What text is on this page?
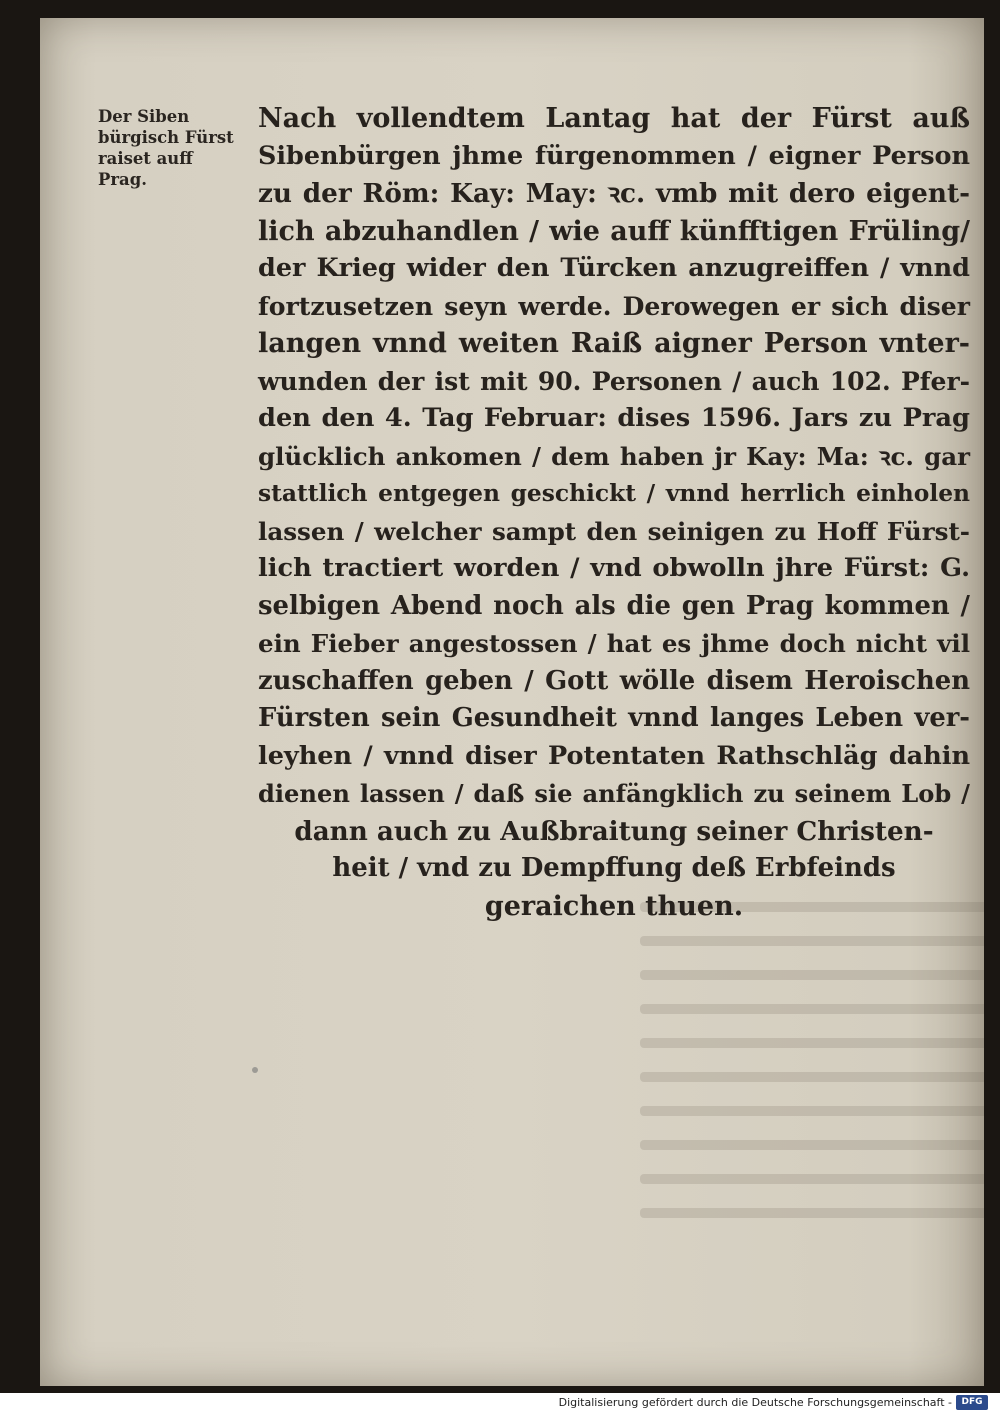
Der Siben
bürgisch Fürst
raiset auff
Prag.
Nach vollendtem Lantag hat der Fürst auß
Sibenbürgen jhme fürgenommen / eigner Person
zu der Röm: Kay: May: ꝛc. vmb mit dero eigent-
lich abzuhandlen / wie auff künfftigen Früling/
der Krieg wider den Türcken anzugreiffen / vnnd
fortzusetzen seyn werde. Derowegen er sich diser
langen vnnd weiten Raiß aigner Person vnter-
wunden der ist mit 90. Personen / auch 102. Pfer-
den den 4. Tag Februar: dises 1596. Jars zu Prag
glücklich ankomen / dem haben jr Kay: Ma: ꝛc. gar
stattlich entgegen geschickt / vnnd herrlich einholen
lassen / welcher sampt den seinigen zu Hoff Fürst-
lich tractiert worden / vnd obwolln jhre Fürst: G.
selbigen Abend noch als die gen Prag kommen /
ein Fieber angestossen / hat es jhme doch nicht vil
zuschaffen geben / Gott wölle disem Heroischen
Fürsten sein Gesundheit vnnd langes Leben ver-
leyhen / vnnd diser Potentaten Rathschläg dahin
dienen lassen / daß sie anfängklich zu seinem Lob /
dann auch zu Außbraitung seiner Christen-
heit / vnd zu Dempffung deß Erbfeinds
geraichen thuen.
Digitalisierung gefördert durch die Deutsche Forschungsgemeinschaft -	DFG
